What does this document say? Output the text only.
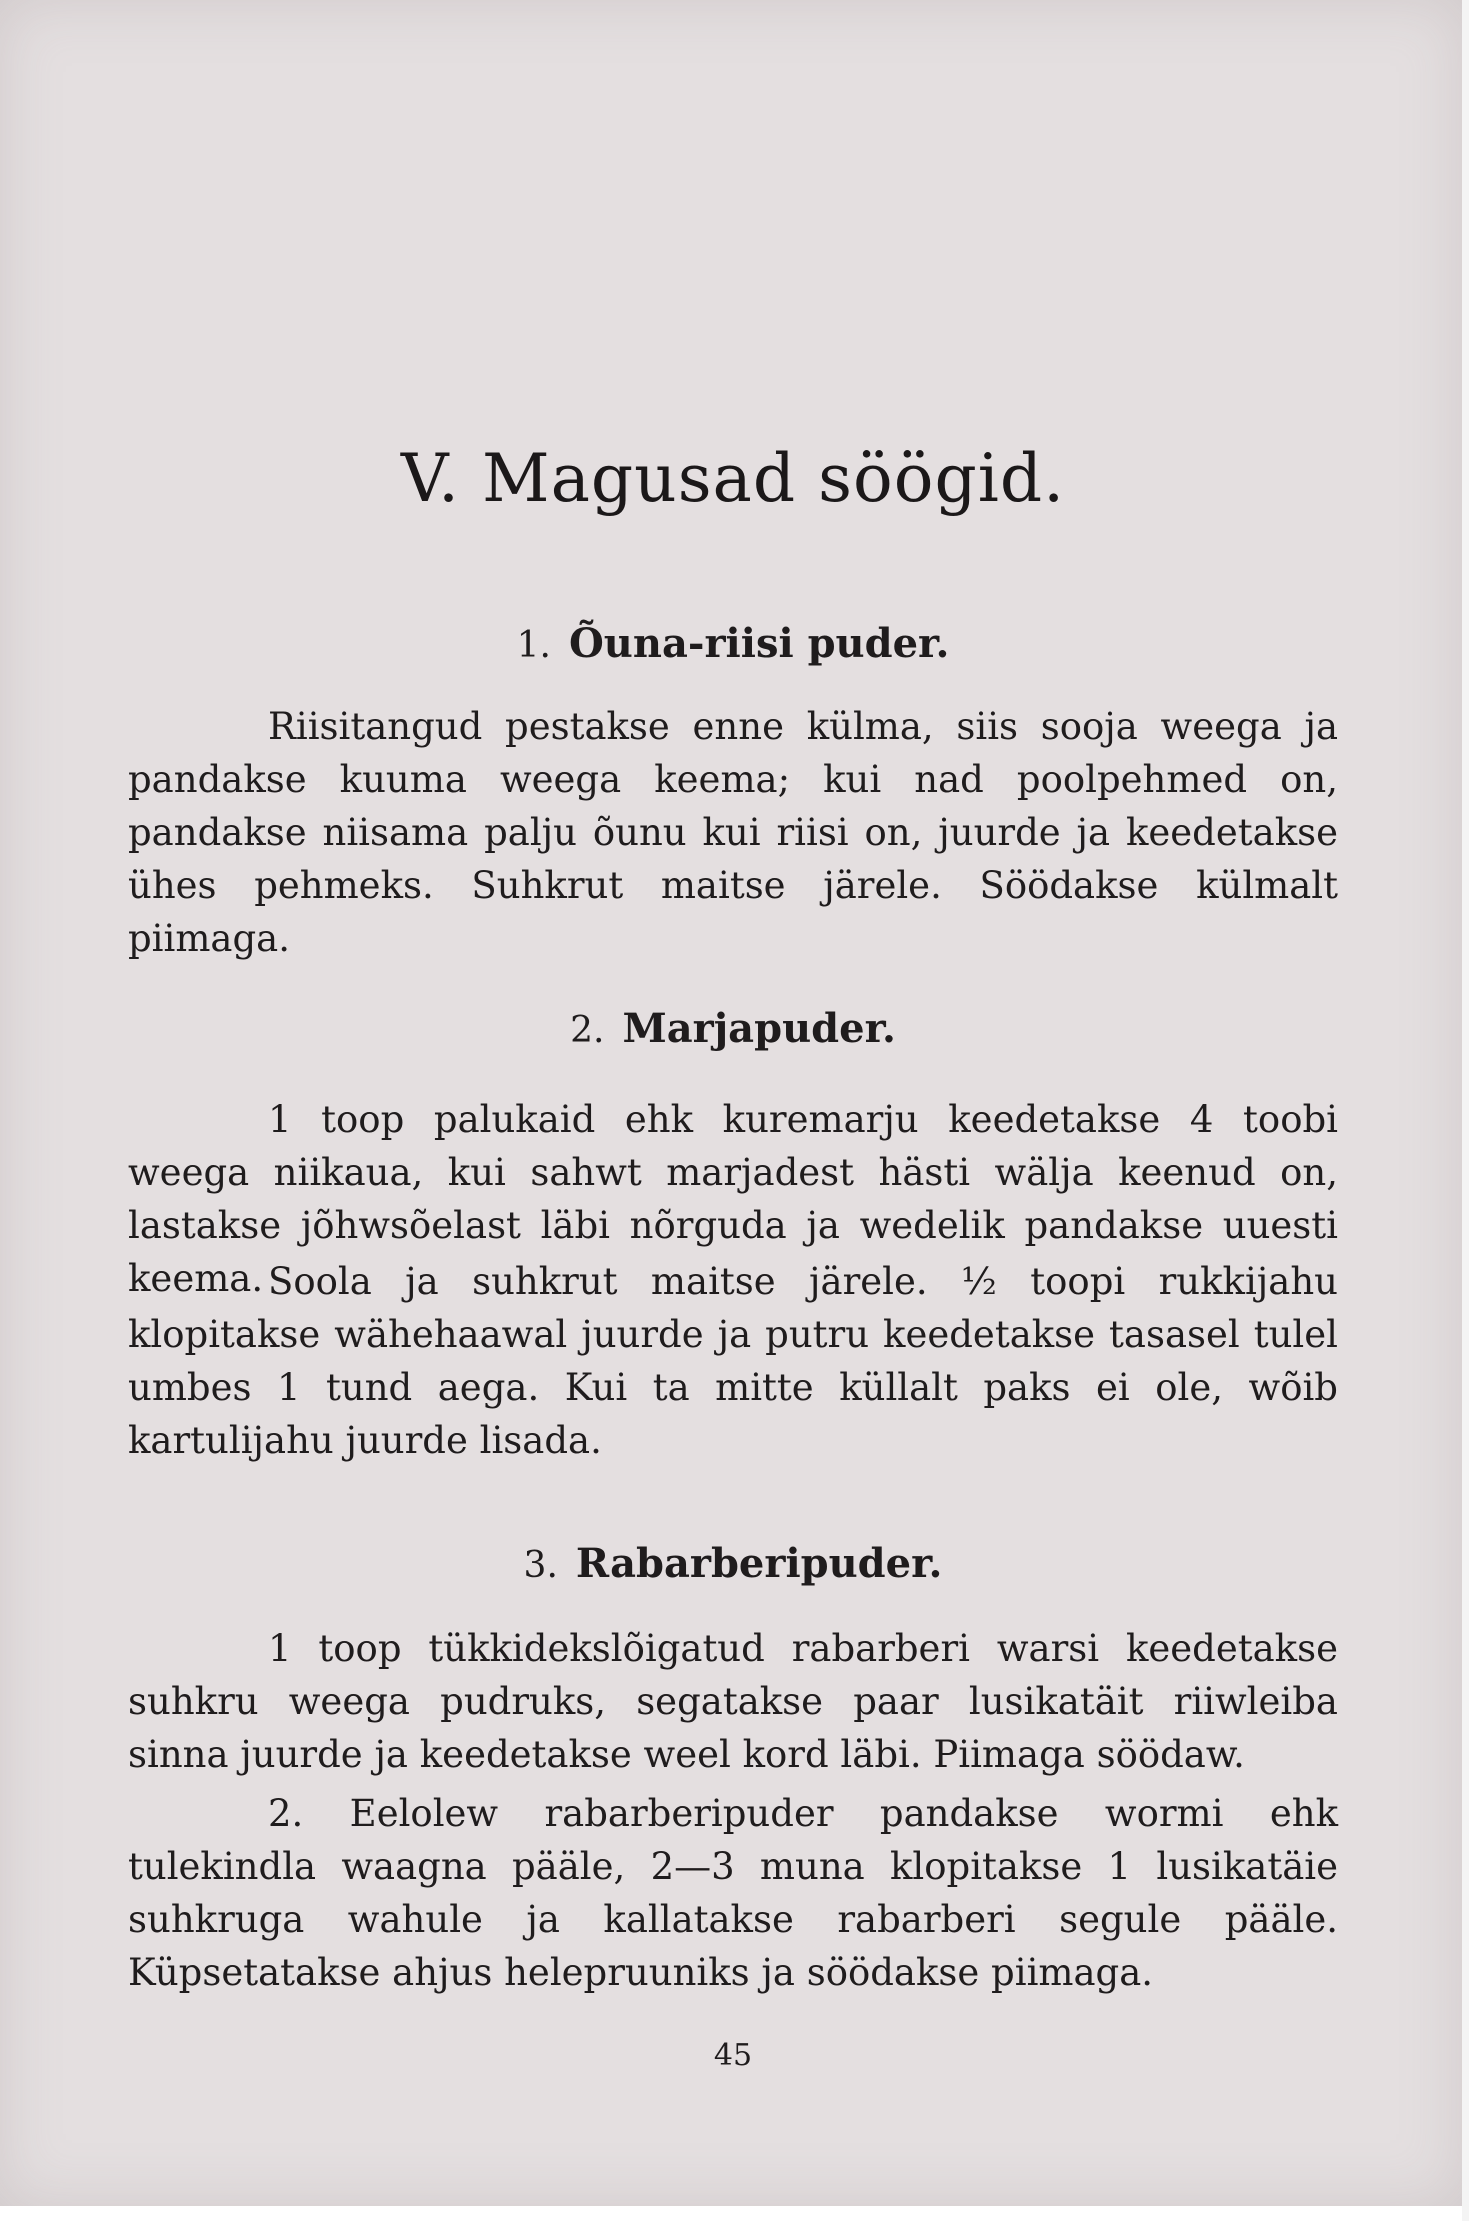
V. Magusad söögid.
1. Õuna-riisi puder.

Riisitangud pestakse enne külma, siis sooja weega ja pandakse kuuma weega keema; kui nad poolpehmed on, pandakse niisama palju õunu kui riisi on, juurde ja keedetakse ühes pehmeks. Suhkrut maitse järele. Söödakse külmalt piimaga.

2. Marjapuder.

1 toop palukaid ehk kuremarju keedetakse 4 toobi weega niikaua, kui sahwt marjadest hästi wälja keenud on, lastakse jõhwsõelast läbi nõrguda ja wedelik pandakse uuesti keema. Soola ja suhkrut maitse järele. ½ toopi rukkijahu klopitakse wähehaawal juurde ja putru keedetakse tasasel tulel umbes 1 tund aega. Kui ta mitte küllalt paks ei ole, wõib kartulijahu juurde lisada.

3. Rabarberipuder.

1 toop tükkidekslõigatud rabarberi warsi keedetakse suhkru weega pudruks, segatakse paar lusikatäit riiwleiba sinna juurde ja keedetakse weel kord läbi. Piimaga söödaw.

2. Eelolew rabarberipuder pandakse wormi ehk tulekindla waagna pääle, 2—3 muna klopitakse 1 lusikatäie suhkruga wahule ja kallatakse rabarberi segule pääle. Küpsetatakse ahjus helepruuniks ja söödakse piimaga.

45
